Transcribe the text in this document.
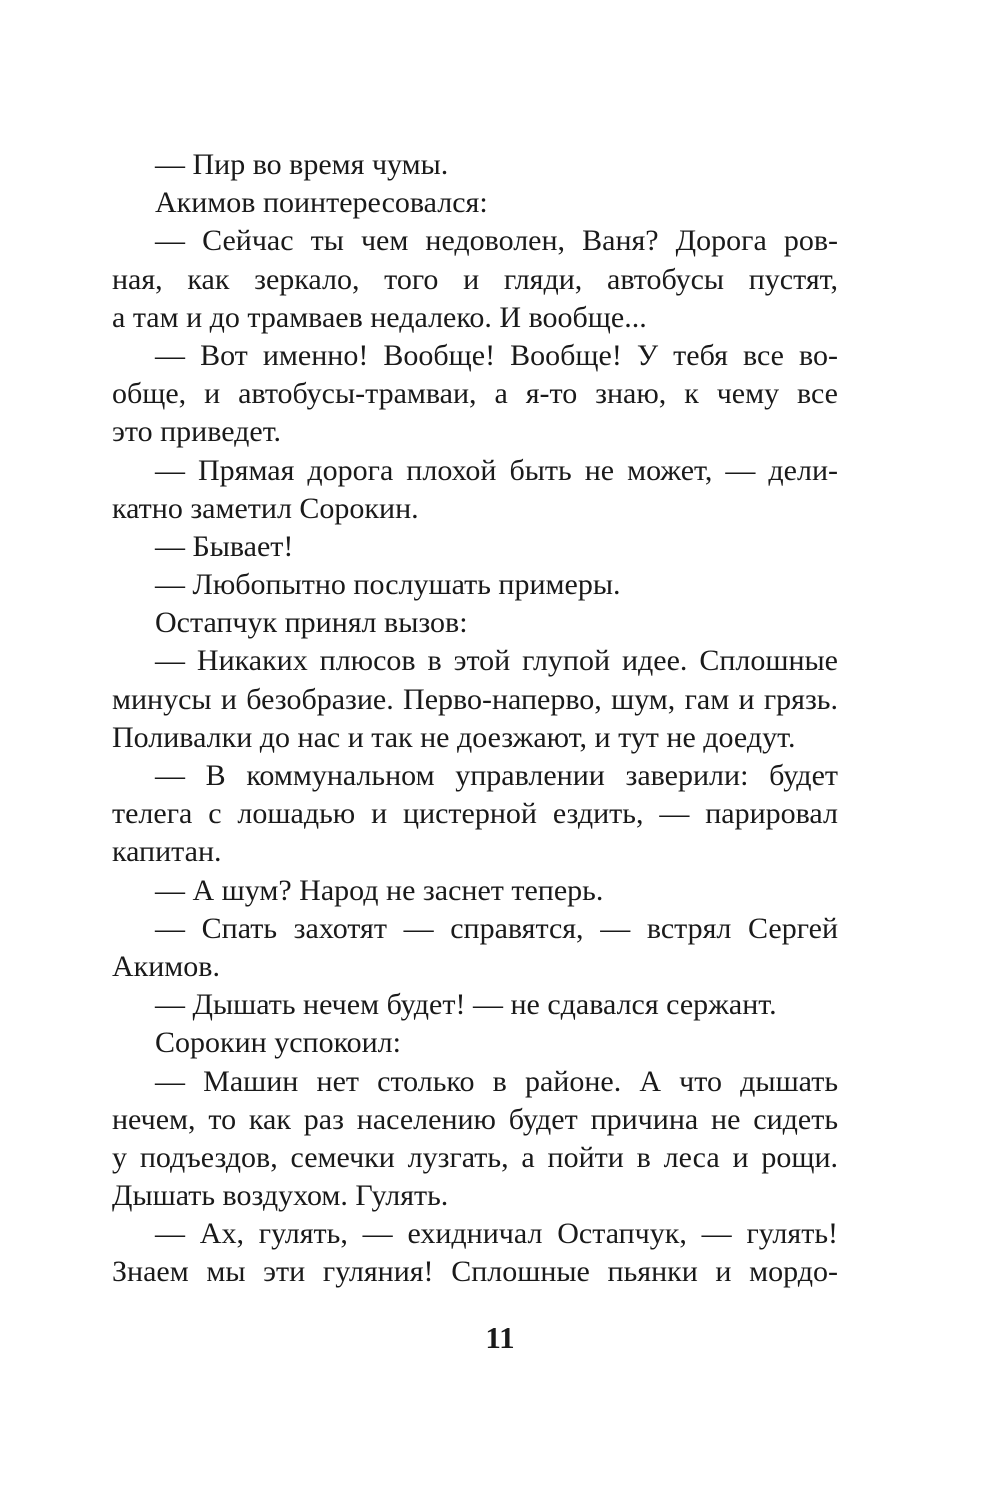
— Пир во время чумы.
Акимов поинтересовался:
— Сейчас ты чем недоволен, Ваня? Дорога ров-
ная, как зеркало, того и гляди, автобусы пустят,
а там и до трамваев недалеко. И вообще...
— Вот именно! Вообще! Вообще! У тебя все во-
обще, и автобусы-трамваи, а я-то знаю, к чему все
это приведет.
— Прямая дорога плохой быть не может, — дели-
катно заметил Сорокин.
— Бывает!
— Любопытно послушать примеры.
Остапчук принял вызов:
— Никаких плюсов в этой глупой идее. Сплошные
минусы и безобразие. Перво-наперво, шум, гам и грязь.
Поливалки до нас и так не доезжают, и тут не доедут.
— В коммунальном управлении заверили: будет
телега с лошадью и цистерной ездить, — парировал
капитан.
— А шум? Народ не заснет теперь.
— Спать захотят — справятся, — встрял Сергей
Акимов.
— Дышать нечем будет! — не сдавался сержант.
Сорокин успокоил:
— Машин нет столько в районе. А что дышать
нечем, то как раз населению будет причина не сидеть
у подъездов, семечки лузгать, а пойти в леса и рощи.
Дышать воздухом. Гулять.
— Ах, гулять, — ехидничал Остапчук, — гулять!
Знаем мы эти гуляния! Сплошные пьянки и мордо-
11
